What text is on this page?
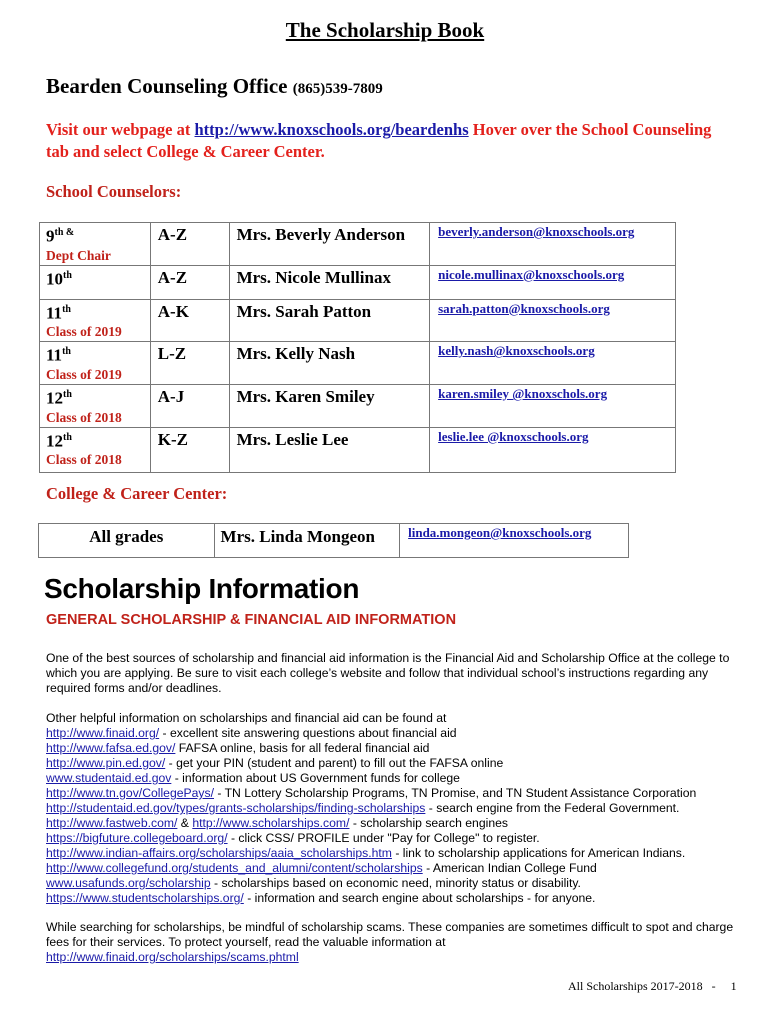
The Scholarship Book
Bearden Counseling Office (865)539-7809
Visit our webpage at http://www.knoxschools.org/beardenhs Hover over the School Counseling tab and select College & Career Center.
School Counselors:
$9^{th \&}$
Dept Chair	A-Z	Mrs. Beverly Anderson	beverly.anderson@knoxschools.org

10th	A-Z	Mrs. Nicole Mullinax	nicole.mullinax@knoxschools.org

11th
Class of 2019	A-K	Mrs. Sarah Patton	sarah.patton@knoxschools.org

11th
Class of 2019	L-Z	Mrs. Kelly Nash	kelly.nash@knoxschools.org

12th
Class of 2018	A-J	Mrs. Karen Smiley	karen.smiley @knoxschols.org

12th
Class of 2018	K-Z	Mrs. Leslie Lee	leslie.lee @knoxschools.org
College & Career Center:
All grades	Mrs. Linda Mongeon	linda.mongeon@knoxschools.org
Scholarship Information
GENERAL SCHOLARSHIP & FINANCIAL AID INFORMATION
One of the best sources of scholarship and financial aid information is the Financial Aid and Scholarship Office at the college to which you are applying. Be sure to visit each college’s website and follow that individual school’s instructions regarding any required forms and/or deadlines.
Other helpful information on scholarships and financial aid can be found at
http://www.finaid.org/ - excellent site answering questions about financial aid
http://www.fafsa.ed.gov/ FAFSA online, basis for all federal financial aid
http://www.pin.ed.gov/ - get your PIN (student and parent) to fill out the FAFSA online
www.studentaid.ed.gov - information about US Government funds for college
http://www.tn.gov/CollegePays/ - TN Lottery Scholarship Programs, TN Promise, and TN Student Assistance Corporation
http://studentaid.ed.gov/types/grants-scholarships/finding-scholarships - search engine from the Federal Government.
http://www.fastweb.com/ & http://www.scholarships.com/ - scholarship search engines
https://bigfuture.collegeboard.org/ - click CSS/ PROFILE under "Pay for College" to register.
http://www.indian-affairs.org/scholarships/aaia_scholarships.htm - link to scholarship applications for American Indians.
http://www.collegefund.org/students_and_alumni/content/scholarships - American Indian College Fund
www.usafunds.org/scholarship - scholarships based on economic need, minority status or disability.
https://www.studentscholarships.org/ - information and search engine about scholarships - for anyone.
While searching for scholarships, be mindful of scholarship scams. These companies are sometimes difficult to spot and charge fees for their services. To protect yourself, read the valuable information at
http://www.finaid.org/scholarships/scams.phtml
All Scholarships 2017-2018 - 1
